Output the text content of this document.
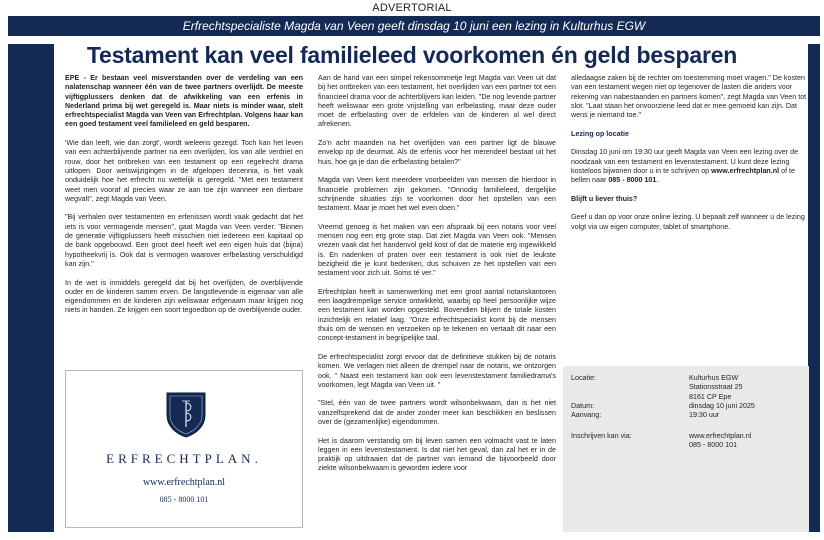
ADVERTORIAL
Erfrechtspecialiste Magda van Veen geeft dinsdag 10 juni een lezing in Kulturhus EGW
Testament kan veel familieleed voorkomen én geld besparen

EPE - Er bestaan veel misverstanden over de verdeling van een nalatenschap wanneer één van de twee partners overlijdt. De meeste vijftigplussers denken dat de afwikkeling van een erfenis in Nederland prima bij wet geregeld is. Maar niets is minder waar, stelt erfrechtspecialist Magda van Veen van Erfrechtplan. Volgens haar kan een goed testament veel familieleed en geld besparen.

'Wie dan leeft, wie dan zorgt', wordt weleens gezegd. Toch kan het leven van een achterblijvende partner na een overlijden, los van alle verdriet en rouw, door het ontbreken van een testament op een regelrecht drama uitlopen. Door wetswijzigingen in de afgelopen decennia, is het vaak onduidelijk hoe het erfrecht nu wettelijk is geregeld. "Met een testament weet men vooraf al precies waar ze aan toe zijn wanneer een dierbare wegvalt", zegt Magda van Veen.

"Bij verhalen over testamenten en erfenissen wordt vaak gedacht dat het iets is voor vermogende mensen", gaat Magda van Veen verder. "Binnen de generatie vijftigplussers heeft misschien niet iedereen een kapitaal op de bank opgebouwd. Een groot deel heeft wel een eigen huis dat (bijna) hypotheekvrij is. Ook dat is vermogen waarover erfbelasting verschuldigd kan zijn."

In de wet is inmiddels geregeld dat bij het overlijden, de overblijvende ouder en de kinderen samen erven. De langstlevende is eigenaar van alle eigendommen en de kinderen zijn weliswaar erfgenaam maar krijgen nog niets in handen. Ze krijgen een soort tegoedbon op de overblijvende ouder.

ERFRECHTPLAN.
www.erfrechtplan.nl
085 - 8000 101

Aan de hand van een simpel rekensommetje legt Magda van Veen uit dat bij het ontbreken van een testament, het overlijden van een partner tot een financieel drama voor de achterblijvers kan leiden. "De nog levende partner heeft weliswaar een grote vrijstelling van erfbelasting, maar deze ouder moet de erfbelasting over de erfdelen van de kinderen al wel direct afrekenen.

Zo'n acht maanden na het overlijden van een partner ligt de blauwe envelop op de deurmat. Als de erfenis voor het merendeel bestaat uit het huis, hoe ga je dan die erfbelasting betalen?"

Magda van Veen kent meerdere voorbeelden van mensen die hierdoor in financiële problemen zijn gekomen. "Onnodig familieleed, dergelijke schrijnende situaties zijn te voorkomen door het opstellen van een testament. Maar je moet het wel even doen."

Vreemd genoeg is het maken van een afspraak bij een notaris voor veel mensen nog een erg grote stap. Dat ziet Magda van Veen ook. "Mensen vrezen vaak dat het handenvol geld kost of dat de materie erg ingewikkeld is. En nadenken of praten over een testament is ook niet de leukste bezigheid die je kunt bedenken, dus schuiven ze het opstellen van een testament voor zich uit. Soms té ver."

Erfrechtplan heeft in samenwerking met een groot aantal notariskantoren een laagdrempelige service ontwikkeld, waarbij op heel persoonlijke wijze een testament kan worden opgesteld. Bovendien blijven de totale kosten inzichtelijk en relatief laag. "Onze erfrechtspecialist komt bij de mensen thuis om de wensen en verzoeken op te tekenen en vertaalt dit naar een concept-testament in begrijpelijke taal.

De erfrechtspecialist zorgt ervoor dat de definitieve stukken bij de notaris komen. We verlagen niet alleen de drempel naar de notaris, we ontzorgen ook. " Naast een testament kan ook een levenstestament familiedrama's voorkomen, legt Magda van Veen uit. "

"Stel, één van de twee partners wordt wilsonbekwaam, dan is het niet vanzelfsprekend dat de ander zonder meer kan beschikken en beslissen over de (gezamenlijke) eigendommen.

Het is daarom verstandig om bij leven samen een volmacht vast te laten leggen in een levenstestament. Is dat niet het geval, dan zal het er in de praktijk op uitdraaien dat de partner van iemand die bijvoorbeeld door ziekte wilsonbekwaam is geworden iedere voor

alledaagse zaken bij de rechter om toestemming moet vragen." De kosten van een testament wegen niet op tegenover de lasten die anders voor rekening van nabestaanden en partners komen", zegt Magda van Veen tot slot. "Laat staan het onvoorziene leed dat er mee gemoeid kan zijn. Dat wens je niemand toe."

Lezing op locatie

Dinsdag 10 juni om 19:30 uur geeft Magda van Veen een lezing over de noodzaak van een testament en levenstestament. U kunt deze lezing kosteloos bijwonen door u in te schrijven op www.erfrechtplan.nl of te bellen naar 085 - 8000 101.

Blijft u liever thuis?

Geef u dan op voor onze online lezing. U bepaalt zelf wanneer u de lezing volgt via uw eigen computer, tablet of smartphone.

Locatie:	Kulturhus EGW
Stationsstraat 25
8161 CP Epe
Datum:	dinsdag 10 juni 2025
Aanvang:	19:30 uur
Inschrijven kan via:	www.erfrechtplan.nl
085 - 8000 101
